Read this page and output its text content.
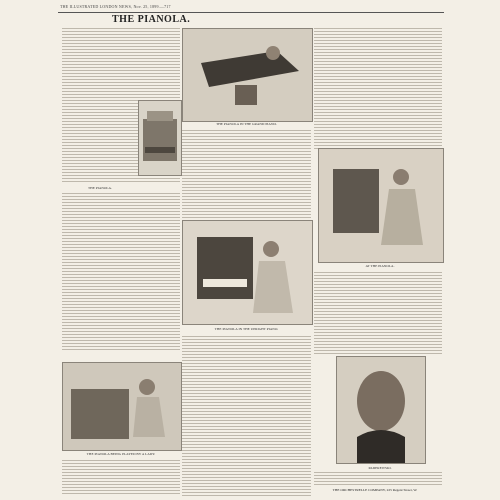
THE ILLUSTRATED LONDON NEWS, Nov. 25, 1899.—717
THE PIANOLA.
THE PIANOLA.
THE PIANOLA BEING PLAYED BY A LADY.
THE PIANOLA IN THE GRAND PIANO.
THE PIANOLA IN THE UPRIGHT PIANO.
AT THE PIANOLA.
PADEREWSKI.
THE ORCHESTRELLE COMPANY, 225 Regent Street, W.
